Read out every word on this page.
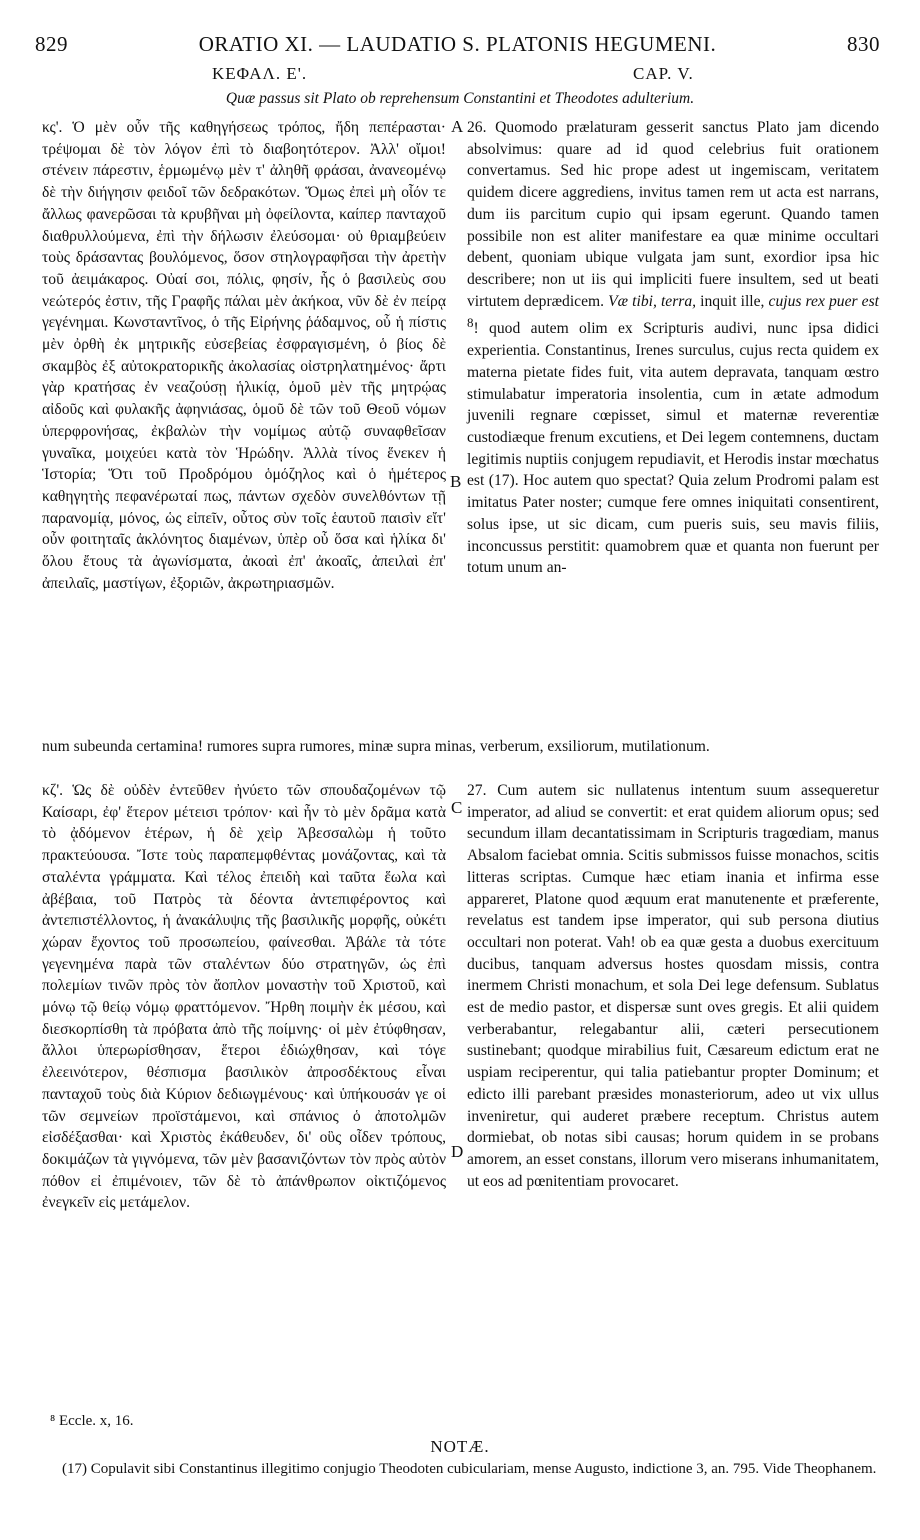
829	ORATIO XI. — LAUDATIO S. PLATONIS HEGUMENI.	830
ΚΕΦΑΛ. Ε'.	CAP. V.
Quæ passus sit Plato ob reprehensum Constantini et Theodotes adulterium.

κς'. Ὁ μὲν οὖν τῆς καθηγήσεως τρόπος, ἤδη πεπέρασται· τρέψομαι δὲ τὸν λόγον ἐπὶ τὸ διαβοητότερον. Ἀλλ' οἴμοι! στένειν πάρεστιν, ἑρμωμένῳ μὲν τ' ἀληθῆ φράσαι, ἀνανεομένῳ δὲ τὴν διήγησιν φειδοῖ τῶν δεδρακότων. Ὅμως ἐπεὶ μὴ οἷόν τε ἄλλως φανερῶσαι τὰ κρυβῆναι μὴ ὀφείλοντα, καίπερ πανταχοῦ διαθρυλλούμενα, ἐπὶ τὴν δήλωσιν ἐλεύσομαι· οὐ θριαμβεύειν τοὺς δράσαντας βουλόμενος, ὅσον στηλογραφῆσαι τὴν ἀρετὴν τοῦ ἀειμάκαρος. Οὐαί σοι, πόλις, φησίν, ἧς ὁ βασιλεὺς σου νεώτερός ἐστιν, τῆς Γραφῆς πάλαι μὲν ἀκήκοα, νῦν δὲ ἐν πείρᾳ γεγένημαι. Κωνσταντῖνος, ὁ τῆς Εἰρήνης ῥάδαμνος, οὗ ἡ πίστις μὲν ὀρθὴ ἐκ μητρικῆς εὐσεβείας ἐσφραγισμένη, ὁ βίος δὲ σκαμβὸς ἐξ αὐτοκρατορικῆς ἀκολασίας οἰστρηλατημένος· ἄρτι γὰρ κρατήσας ἐν νεαζούσῃ ἡλικίᾳ, ὁμοῦ μὲν τῆς μητρῴας αἰδοῦς καὶ φυλακῆς ἀφηνιάσας, ὁμοῦ δὲ τῶν τοῦ Θεοῦ νόμων ὑπερφρονήσας, ἐκβαλὼν τὴν νομίμως αὐτῷ συναφθεῖσαν γυναῖκα, μοιχεύει κατὰ τὸν Ἡρώδην. Ἀλλὰ τίνος ἕνεκεν ἡ Ἱστορία; Ὅτι τοῦ Προδρόμου ὁμόζηλος καὶ ὁ ἡμέτερος καθηγητὴς πεφανέρωταί πως, πάντων σχεδὸν συνελθόντων τῇ παρανομίᾳ, μόνος, ὡς εἰπεῖν, οὗτος σὺν τοῖς ἑαυτοῦ παισὶν εἴτ' οὖν φοιτηταῖς ἀκλόνητος διαμένων, ὑπὲρ οὗ ὅσα καὶ ἡλίκα δι' ὅλου ἔτους τὰ ἀγωνίσματα, ἀκοαὶ ἐπ' ἀκοαῖς, ἀπειλαὶ ἐπ' ἀπειλαῖς, μαστίγων, ἐξοριῶν, ἀκρωτηριασμῶν.

26. Quomodo prælaturam gesserit sanctus Plato jam dicendo absolvimus: quare ad id quod celebrius fuit orationem convertamus. Sed hic prope adest ut ingemiscam, veritatem quidem dicere aggrediens, invitus tamen rem ut acta est narrans, dum iis parcitum cupio qui ipsam egerunt. Quando tamen possibile non est aliter manifestare ea quæ minime occultari debent, quoniam ubique vulgata jam sunt, exordior ipsa hic describere; non ut iis qui impliciti fuere insultem, sed ut beati virtutem deprædicem. Væ tibi, terra, inquit ille, cujus rex puer est $^8$! quod autem olim ex Scripturis audivi, nunc ipsa didici experientia. Constantinus, Irenes surculus, cujus recta quidem ex materna pietate fides fuit, vita autem depravata, tanquam œstro stimulabatur imperatoria insolentia, cum in ætate admodum juvenili regnare cœpisset, simul et maternæ reverentiæ custodiæque frenum excutiens, et Dei legem contemnens, ductam legitimis nuptiis conjugem repudiavit, et Herodis instar mœchatus est (17). Hoc autem quo spectat? Quia zelum Prodromi palam est imitatus Pater noster; cumque fere omnes iniquitati consentirent, solus ipse, ut sic dicam, cum pueris suis, seu mavis filiis, inconcussus perstitit: quamobrem quæ et quanta non fuerunt per totum unum an-

num subeunda certamina! rumores supra rumores, minæ supra minas, verberum, exsiliorum, mutilationum.

κζ'. Ὡς δὲ οὐδὲν ἐντεῦθεν ἠνύετο τῶν σπουδαζομένων τῷ Καίσαρι, ἐφ' ἕτερον μέτεισι τρόπον· καὶ ἦν τὸ μὲν δρᾶμα κατὰ τὸ ᾀδόμενον ἑτέρων, ἡ δὲ χεὶρ Ἀβεσσαλὼμ ἡ τοῦτο πρακτεύουσα. Ἴστε τοὺς παραπεμφθέντας μονάζοντας, καὶ τὰ σταλέντα γράμματα. Καὶ τέλος ἐπειδὴ καὶ ταῦτα ἕωλα καὶ ἀβέβαια, τοῦ Πατρὸς τὰ δέοντα ἀντεπιφέροντος καὶ ἀντεπιστέλλοντος, ἡ ἀνακάλυψις τῆς βασιλικῆς μορφῆς, οὐκέτι χώραν ἔχοντος τοῦ προσωπείου, φαίνεσθαι. Ἀβάλε τὰ τότε γεγενημένα παρὰ τῶν σταλέντων δύο στρατηγῶν, ὡς ἐπὶ πολεμίων τινῶν πρὸς τὸν ἄοπλον μοναστὴν τοῦ Χριστοῦ, καὶ μόνῳ τῷ θείῳ νόμῳ φραττόμενον. Ἤρθη ποιμὴν ἐκ μέσου, καὶ διεσκορπίσθη τὰ πρόβατα ἀπὸ τῆς ποίμνης· οἱ μὲν ἐτύφθησαν, ἄλλοι ὑπερωρίσθησαν, ἕτεροι ἐδιώχθησαν, καὶ τόγε ἐλεεινότερον, θέσπισμα βασιλικὸν ἀπροσδέκτους εἶναι πανταχοῦ τοὺς διὰ Κύριον δεδιωγμένους· καὶ ὑπήκουσάν γε οἱ τῶν σεμνείων προϊστάμενοι, καὶ σπάνιος ὁ ἀποτολμῶν εἰσδέξασθαι· καὶ Χριστὸς ἐκάθευδεν, δι' οὓς οἶδεν τρόπους, δοκιμάζων τὰ γιγνόμενα, τῶν μὲν βασανιζόντων τὸν πρὸς αὐτὸν πόθον εἰ ἐπιμένοιεν, τῶν δὲ τὸ ἀπάνθρωπον οἰκτιζόμενος ἐνεγκεῖν εἰς μετάμελον.

27. Cum autem sic nullatenus intentum suum assequeretur imperator, ad aliud se convertit: et erat quidem aliorum opus; sed secundum illam decantatissimam in Scripturis tragœdiam, manus Absalom faciebat omnia. Scitis submissos fuisse monachos, scitis litteras scriptas. Cumque hæc etiam inania et infirma esse appareret, Platone quod æquum erat manutenente et præferente, revelatus est tandem ipse imperator, qui sub persona diutius occultari non poterat. Vah! ob ea quæ gesta a duobus exercituum ducibus, tanquam adversus hostes quosdam missis, contra inermem Christi monachum, et sola Dei lege defensum. Sublatus est de medio pastor, et dispersæ sunt oves gregis. Et alii quidem verberabantur, relegabantur alii, cæteri persecutionem sustinebant; quodque mirabilius fuit, Cæsareum edictum erat ne uspiam reciperentur, qui talia patiebantur propter Dominum; et edicto illi parebant præsides monasteriorum, adeo ut vix ullus inveniretur, qui auderet præbere receptum. Christus autem dormiebat, ob notas sibi causas; horum quidem in se probans amorem, an esset constans, illorum vero miserans inhumanitatem, ut eos ad pœnitentiam provocaret.

A
B
C
D
⁸ Eccle. x, 16.
NOTÆ.
(17) Copulavit sibi Constantinus illegitimo conjugio Theodoten cubiculariam, mense Augusto, indictione 3, an. 795. Vide Theophanem.
